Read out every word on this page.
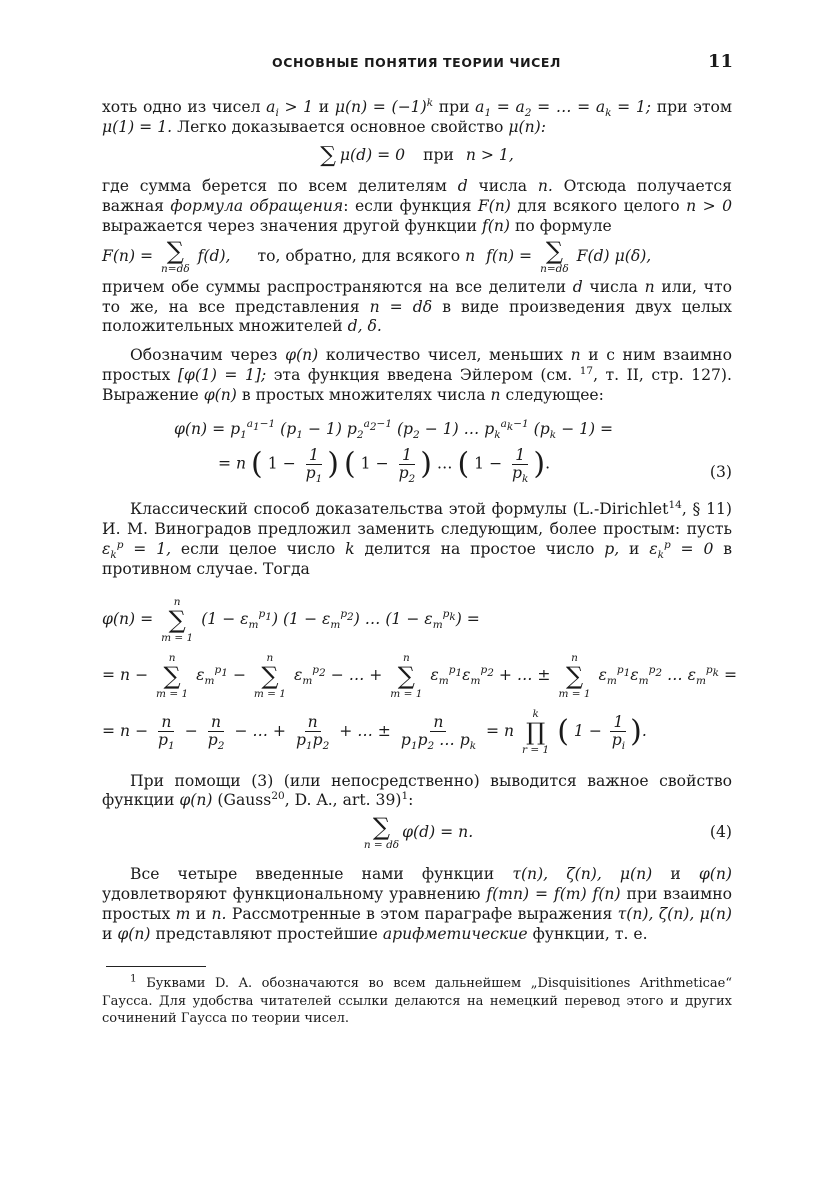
ОСНОВНЫЕ ПОНЯТИЯ ТЕОРИИ ЧИСЕЛ	11

хоть одно из чисел $a_i > 1$ и $\mu(n) = (-1)^k$ при $a_1 = a_2$ = … = $a_k = 1$; при этом μ(1) = 1. Легко доказывается основное свойство μ(n):

∑ μ(d) = 0 при n > 1,

где сумма берется по всем делителям d числа n. Отсюда получается важная формула обращения: если функция F(n) для всякого целого n > 0 выражается через значения другой функции f(n) по формуле

F(n) = ∑
n=dδ
f(d), то, обратно, для всякого n f(n) = ∑
n=dδ
F(d) μ(δ),

причем обе суммы распространяются на все делители d числа n или, что то же, на все представления n = dδ в виде произведения двух целых положительных множителей d, δ.

Обозначим через φ(n) количество чисел, меньших n и с ним взаимно простых [φ(1) = 1]; эта функция введена Эйлером (см. $^{17}$, т. II, стр. 127). Выражение φ(n) в простых множителях числа n следующее:

$\varphi(n) = p_1^{a_1-1}$ $(p_1 - 1)$ $p_2^{a_2-1}$ $(p_2 - 1)$ … $p_k^{a_k-1}$ $(p_k - 1)$ =
= n ( $1 - \frac{1}{p_1}$ ) ( $1 - \frac{1}{p_2}$ ) … ( $1 - \frac{1}{p_k}$ ).	(3)

Классический способ доказательства этой формулы (L.-Dirichlet$^{14}$, § 11) И. М. Виноградов предложил заменить следующим, более простым: пусть $\varepsilon_k^p = 1$, если целое число k делится на простое число p, и $\varepsilon_k^p = 0$ в противном случае. Тогда

φ(n) =
n
∑
m = 1
$(1 - \varepsilon_m^{p_1})$ $(1 - \varepsilon_m^{p_2})$ … $(1 - \varepsilon_m^{p_k})$ =
= n −
n
∑
m = 1
$\varepsilon_m^{p_1}$ −
n
∑
m = 1
$\varepsilon_m^{p_2}$ − … +
n
∑
m = 1
$\varepsilon_m^{p_1}\varepsilon_m^{p_2}$ + … ±
n
∑
m = 1
$\varepsilon_m^{p_1}\varepsilon_m^{p_2}$ … $\varepsilon_m^{p_k}$ =
= $n - \frac{n}{p_1} - \frac{n}{p_2}$ − … + $\frac{n}{p_1p_2}$ + … ± $\frac{n}{p_1p_2 \dots p_k} = n$
k
∏
r = 1
( $1 - \frac{1}{p_i}$ ).

При помощи (3) (или непосредственно) выводится важное свойство функции φ(n) (Gauss$^{20}$, D. A., art. 39)$^1$:

∑
n = dδ
φ(d) = n.	(4)

Все четыре введенные нами функции τ(n), ζ(n), μ(n) и φ(n) удовлетворяют функциональному уравнению f(mn) = f(m) f(n) при взаимно простых m и n. Рассмотренные в этом параграфе выражения τ(n), ζ(n), μ(n) и φ(n) представляют простейшие арифметические функции, т. е.

$^1$ Буквами D. A. обозначаются во всем дальнейшем „Disquisitiones Arithmeticae“ Гаусса. Для удобства читателей ссылки делаются на немецкий перевод этого и других сочинений Гаусса по теории чисел.
